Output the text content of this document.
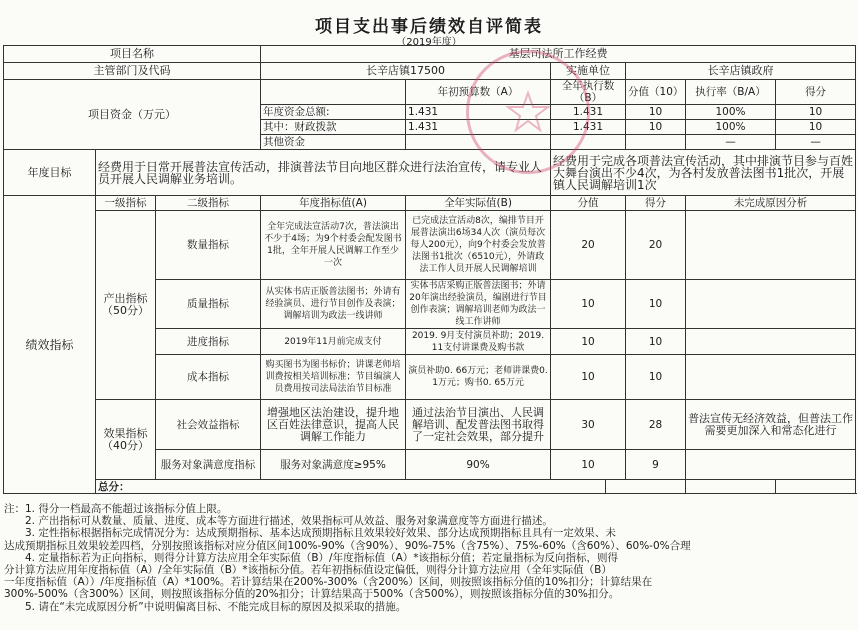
项目支出事后绩效自评简表
（2019年度）
项目名称			基层司法所工作经费						
主管部门及代码			长辛店镇17500		实施单位		长辛店镇政府		
项目资金（万元）				年初预算数（A）	全年执行数（B）		分值（10）	执行率（B/A）	得分
			年度资金总额:	1.431	1.431		10	100%	10
			其中：财政拨款	1.431	1.431		10	100%	10
			其他资金					—	—
年度目标	经费用于日常开展普法宣传活动，排演普法节目向地区群众进行法治宣传，请专业人员开展人民调解业务培训。				经费用于完成各项普法宣传活动，其中排演节目参与百姓大舞台演出不少4次，为各村发放普法图书1批次，开展镇人民调解培训1次				
绩效指标	一级指标	二级指标	年度指标值(A)	全年实际值(B)	分值		得分	未完成原因分析	
	产出指标（50分）	数量指标	全年完成法宣活动7次，普法演出不少于4场；为9个村委会配发图书1批，全年开展人民调解工作至少一次	已完成法宣活动8次，编排节目开展普法演出6场34人次（演员每次每人200元），向9个村委会发放普法图书1批次（6510元），外请政法工作人员开展人民调解培训	20		20		
		质量指标	从实体书店正版普法图书；外请有经验演员、进行节目创作及表演；调解培训为政法一线讲师	实体书店采购正版普法图书；外请20年演出经验演员，编剧进行节目创作表演；调解培训老师为政法一线工作讲师	10		10		
		进度指标	2019年11月前完成支付	2019. 9月支付演员补助；2019. 11支付讲课费及购书款	10		10		
		成本指标	购买图书为图书标价；讲课老师培训费按相关培训标准；节目编演人员费用按司法局法治节目标准	演员补助0. 66万元；老师讲课费0. 1万元；购书0. 65万元	10		10		
	效果指标（40分）	社会效益指标	增强地区法治建设，提升地区百姓法律意识，提高人民调解工作能力	通过法治节目演出、人民调解培训、配发普法图书取得了一定社会效果，部分提升	30		28	普法宣传无经济效益，但普法工作需要更加深入和常态化进行	
		服务对象满意度指标	服务对象满意度≥95%	90%	10		9		
	总分：								
注：1. 得分一档最高不能超过该指标分值上限。
　　2. 产出指标可从数量、质量、进度、成本等方面进行描述，效果指标可从效益、服务对象满意度等方面进行描述。
　　3. 定性指标根据指标完成情况分为：达成预期指标、基本达成预期指标且效果较好效果、部分达成预期指标且具有一定效果、未
达成预期指标且效果较差四档，分别按照该指标对应分值区间100%-90%（含90%）、90%-75%（含75%）、75%-60%（含60%）、60%-0%合理
　　4. 定量指标若为正向指标，则得分计算方法应用全年实际值（B）/年度指标值（A）*该指标分值；若定量指标为反向指标，则得
分计算方法应用年度指标值（A）/全年实际值（B）*该指标分值。若年初指标值设定偏低，则得分计算方法应用（全年实际值（B）
一年度指标值（A））/年度指标值（A）*100%。若计算结果在200%-300%（含200%）区间，则按照该指标分值的10%扣分；计算结果在
300%-500%（含300%）区间，则按照该指标分值的20%扣分；计算结果高于500%（含500%），则按照该指标分值的30%扣分。
　　5. 请在“未完成原因分析”中说明偏离目标、不能完成目标的原因及拟采取的措施。
